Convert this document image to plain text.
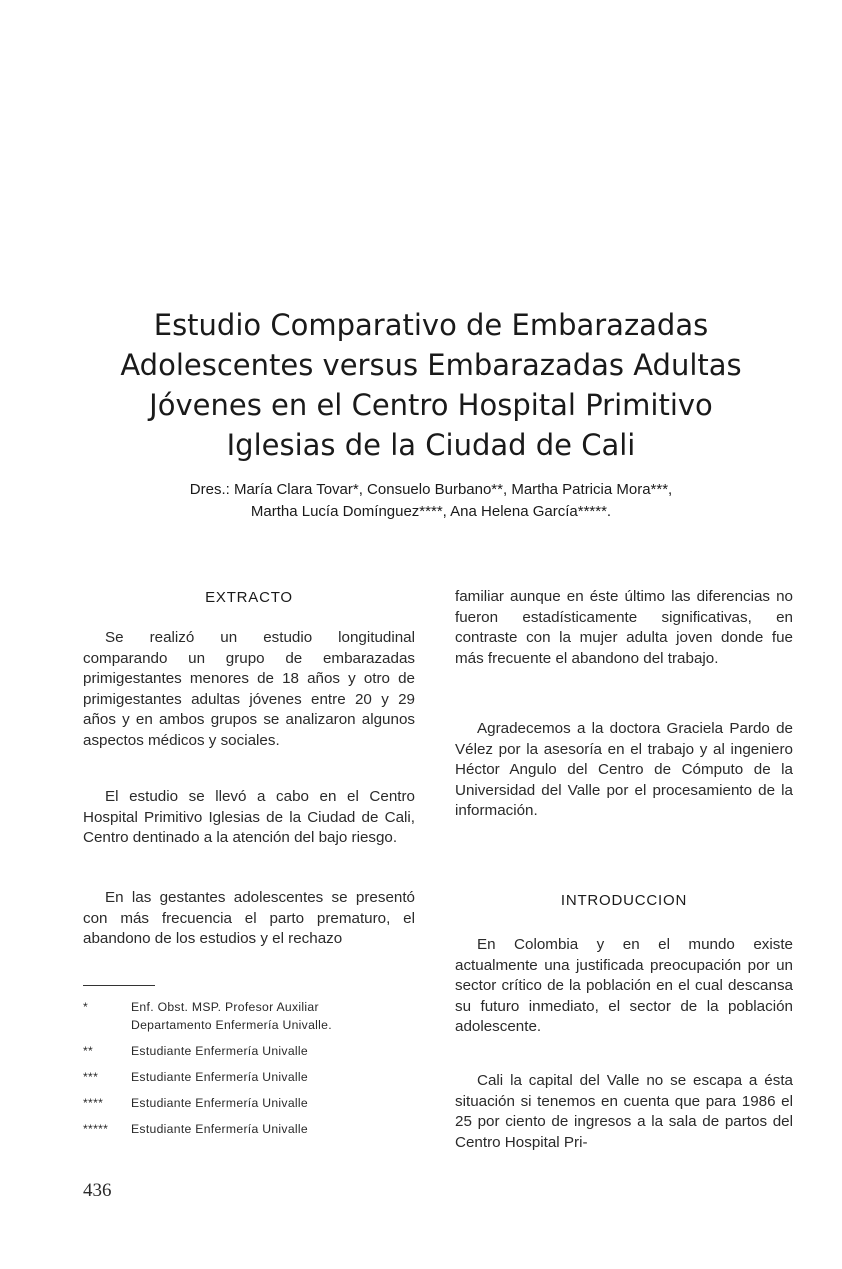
Estudio Comparativo de Embarazadas
Adolescentes versus Embarazadas Adultas
Jóvenes en el Centro Hospital Primitivo
Iglesias de la Ciudad de Cali
Dres.: María Clara Tovar*, Consuelo Burbano**, Martha Patricia Mora***,
Martha Lucía Domínguez****, Ana Helena García*****.
EXTRACTO

Se realizó un estudio longitudinal comparando un grupo de embarazadas primigestantes menores de 18 años y otro de primigestantes adultas jóvenes entre 20 y 29 años y en ambos grupos se analizaron algunos aspectos médicos y sociales.

El estudio se llevó a cabo en el Centro Hospital Primitivo Iglesias de la Ciudad de Cali, Centro dentinado a la atención del bajo riesgo.

En las gestantes adolescentes se presentó con más frecuencia el parto prematuro, el abandono de los estudios y el rechazo

*	Enf. Obst. MSP. Profesor Auxiliar
Departamento Enfermería Univalle.
**	Estudiante Enfermería Univalle
***	Estudiante Enfermería Univalle
****	Estudiante Enfermería Univalle
*****	Estudiante Enfermería Univalle
436

familiar aunque en éste último las diferencias no fueron estadísticamente significativas, en contraste con la mujer adulta joven donde fue más frecuente el abandono del trabajo.

Agradecemos a la doctora Graciela Pardo de Vélez por la asesoría en el trabajo y al ingeniero Héctor Angulo del Centro de Cómputo de la Universidad del Valle por el procesamiento de la información.

INTRODUCCION

En Colombia y en el mundo existe actualmente una justificada preocupación por un sector crítico de la población en el cual descansa su futuro inmediato, el sector de la población adolescente.

Cali la capital del Valle no se escapa a ésta situación si tenemos en cuenta que para 1986 el 25 por ciento de ingresos a la sala de partos del Centro Hospital Pri-
